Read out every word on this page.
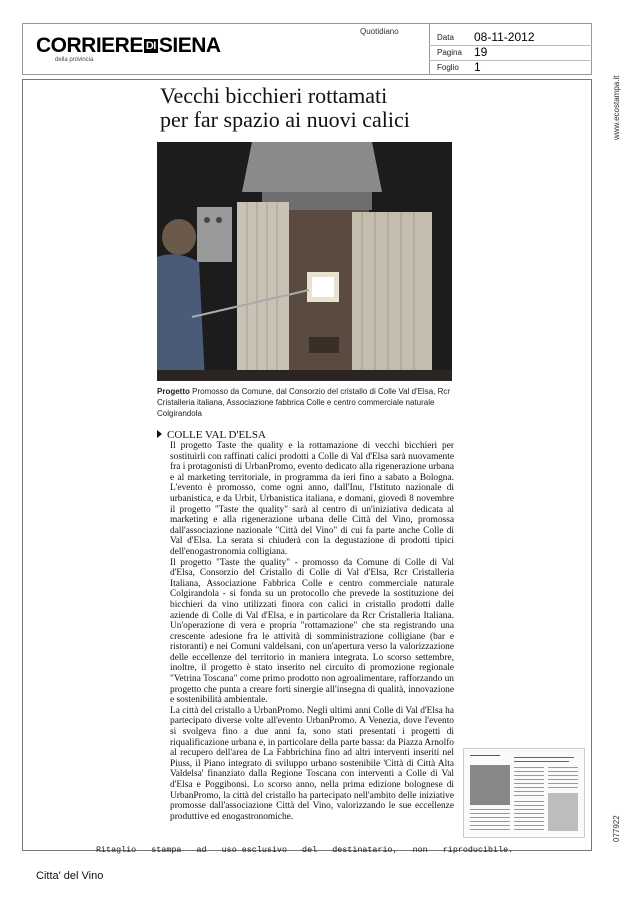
CORRIERE DI SIENA
della provincia
Quotidiano
Data 08-11-2012
Pagina 19
Foglio 1
www.ecostampa.it
077922
Vecchi bicchieri rottamati
per far spazio ai nuovi calici
Progetto Promosso da Comune, dal Consorzio del cristallo di Colle Val d'Elsa, Rcr Cristalleria italiana, Associazione fabbrica Colle e centro commerciale naturale Colgirandola
COLLE VAL D'ELSA

Il progetto Taste the quality e la rottamazione di vecchi bicchieri per sostituirli con raffinati calici prodotti a Colle di Val d'Elsa sarà nuovamente fra i protagonisti di UrbanPromo, evento dedicato alla rigenerazione urbana e al marketing territoriale, in programma da ieri fino a sabato a Bologna. L'evento è promosso, come ogni anno, dall'Inu, l'Istituto nazionale di urbanistica, e da Urbit, Urbanistica italiana, e domani, giovedì 8 novembre il progetto "Taste the quality" sarà al centro di un'iniziativa dedicata al marketing e alla rigenerazione urbana delle Città del Vino, promossa dall'associazione nazionale "Città del Vino" di cui fa parte anche Colle di Val d'Elsa. La serata si chiuderà con la degustazione di prodotti tipici dell'enogastronomia colligiana.

Il progetto "Taste the quality" - promosso da Comune di Colle di Val d'Elsa, Consorzio del Cristallo di Colle di Val d'Elsa, Rcr Cristalleria Italiana, Associazione Fabbrica Colle e centro commerciale naturale Colgirandola - si fonda su un protocollo che prevede la sostituzione dei bicchieri da vino utilizzati finora con calici in cristallo prodotti dalle aziende di Colle di Val d'Elsa, e in particolare da Rcr Cristalleria Italiana. Un'operazione di vera e propria "rottamazione" che sta registrando una crescente adesione fra le attività di somministrazione colligiane (bar e ristoranti) e nei Comuni valdelsani, con un'apertura verso la valorizzazione delle eccellenze del territorio in maniera integrata. Lo scorso settembre, inoltre, il progetto è stato inserito nel circuito di promozione regionale "Vetrina Toscana" come primo prodotto non agroalimentare, rafforzando un progetto che punta a creare forti sinergie all'insegna di qualità, innovazione e sostenibilità ambientale.

La città del cristallo a UrbanPromo. Negli ultimi anni Colle di Val d'Elsa ha partecipato diverse volte all'evento UrbanPromo. A Venezia, dove l'evento si svolgeva fino a due anni fa, sono stati presentati i progetti di riqualificazione urbana e, in particolare della parte bassa: da Piazza Arnolfo al recupero dell'area de La Fabbrichina fino ad altri interventi inseriti nel Piuss, il Piano integrato di sviluppo urbano sostenibile 'Città di Città Alta Valdelsa' finanziato dalla Regione Toscana con interventi a Colle di Val d'Elsa e Poggibonsi. Lo scorso anno, nella prima edizione bolognese di UrbanPromo, la città del cristallo ha partecipato nell'ambito delle iniziative promosse dall'associazione Città del Vino, valorizzando le sue eccellenze produttive ed enogastronomiche.

Ritaglio   stampa   ad   uso esclusivo   del   destinatario,   non   riproducibile.
Citta' del Vino
